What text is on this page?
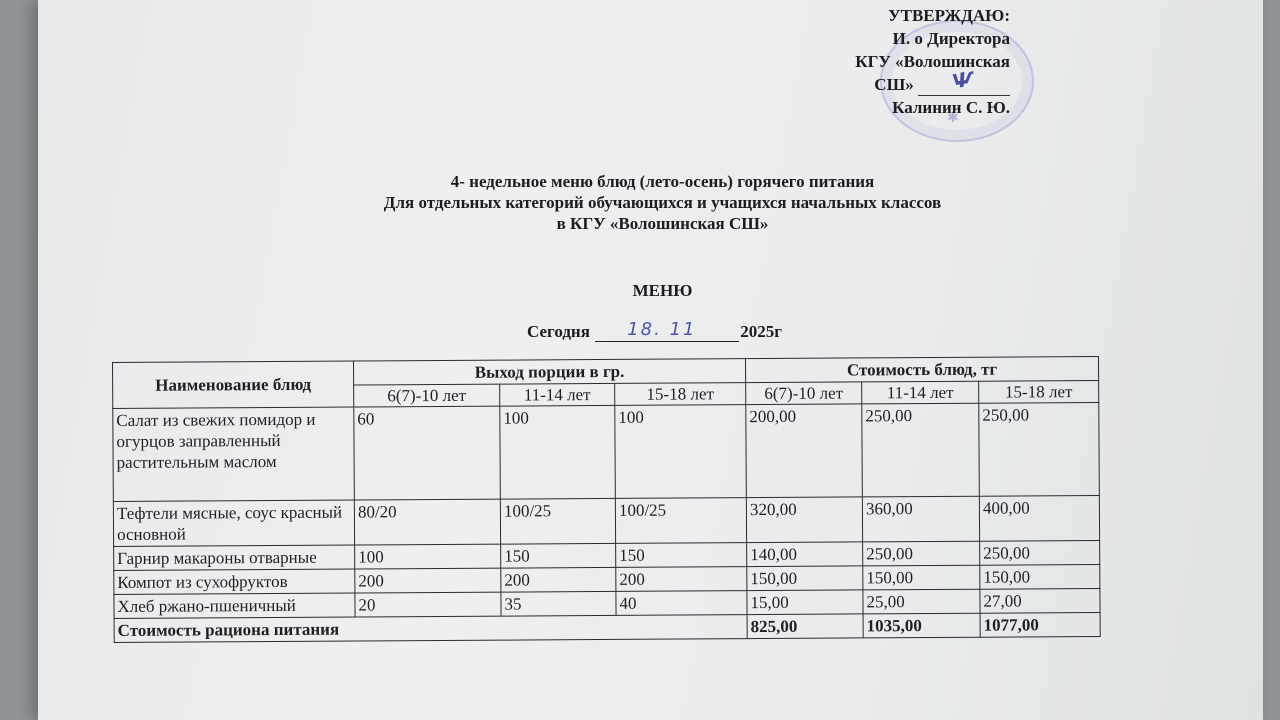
✱
УТВЕРЖДАЮ:
И. о Директора
КГУ «Волошинская
СШ» Ѱ
Калинин С. Ю.
4- недельное меню блюд (лето-осень) горячего питания
Для отдельных категорий обучающихся и учащихся начальных классов
в КГУ «Волошинская СШ»
МЕНЮ
Сегодня 18. 11	2025г
Наименование блюд	Выход порции в гр.			Стоимость блюд, тг		
	6(7)-10 лет	11-14 лет	15-18 лет	6(7)-10 лет	11-14 лет	15-18 лет
Салат из свежих помидор и огурцов заправленный растительным маслом	60	100	100	200,00	250,00	250,00
Тефтели мясные, соус красный основной	80/20	100/25	100/25	320,00	360,00	400,00
Гарнир макароны отварные	100	150	150	140,00	250,00	250,00
Компот из сухофруктов	200	200	200	150,00	150,00	150,00
Хлеб ржано-пшеничный	20	35	40	15,00	25,00	27,00
Стоимость рациона питания				825,00	1035,00	1077,00
